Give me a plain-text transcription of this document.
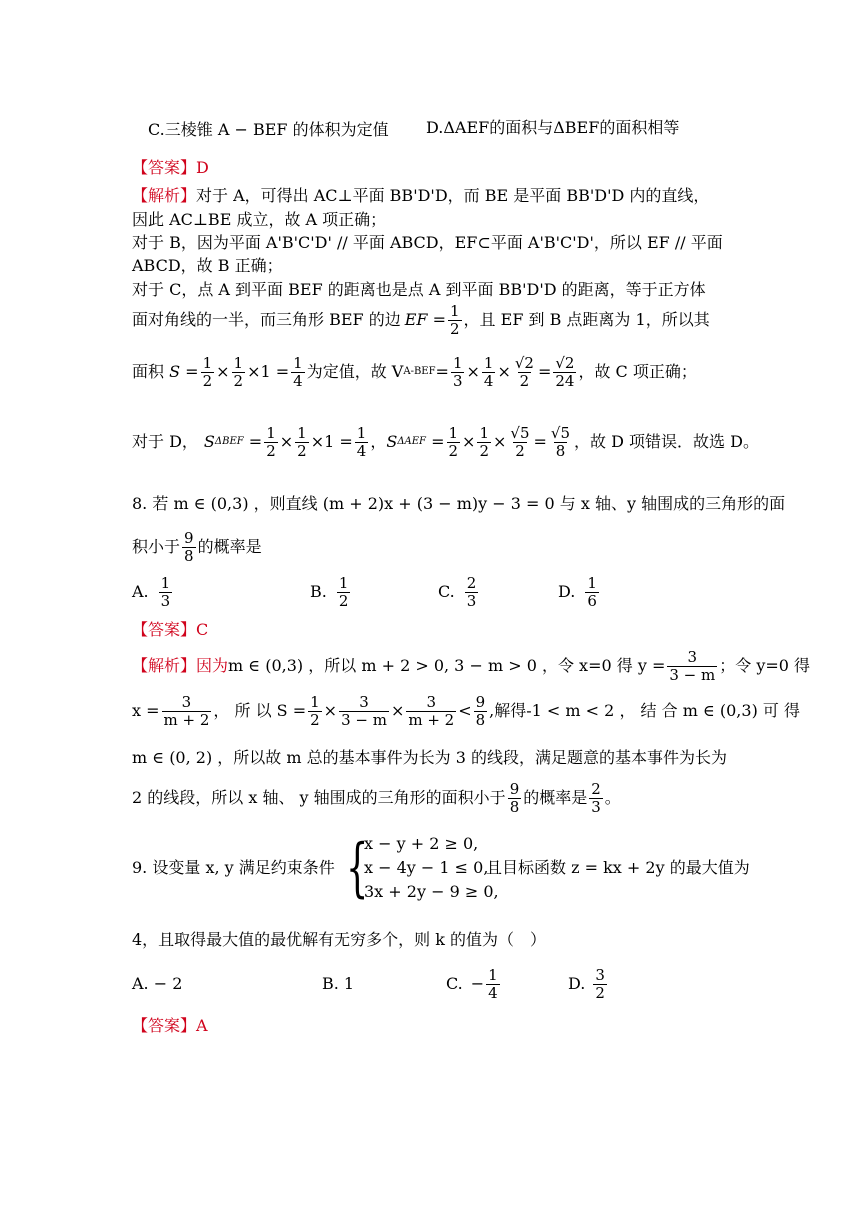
C.三棱锥 A − BEF 的体积为定值 D.ΔAEF的面积与ΔBEF的面积相等
【答案】D
【解析】对于 A，可得出 AC⊥平面 BB'D'D，而 BE 是平面 BB'D'D 内的直线，
因此 AC⊥BE 成立，故 A 项正确；
对于 B，因为平面 A'B'C'D' // 平面 ABCD，EF⊂平面 A'B'C'D'，所以 EF // 平面
ABCD，故 B 正确；
对于 C，点 A 到平面 BEF 的距离也是点 A 到平面 BB'D'D 的距离，等于正方体
面对角线的一半，而三角形 BEF 的边 EF = $\frac{1}{2}$ ，且 EF 到 B 点距离为 1，所以其
面积 $S = \frac{1}{2} \times \frac{1}{2} \times 1 = \frac{1}{4}$ 为定值，故 V $A-BEF = \frac{1}{3} \times \frac{1}{4} \times \frac{√2}{2} = \frac{√2}{24}$ ，故 C 项正确；
对于 D， S $\Delta BEF = \frac{1}{2} \times \frac{1}{2} \times 1 = \frac{1}{4}$ ， S $\Delta AEF = \frac{1}{2} \times \frac{1}{2} \times \frac{√5}{2} = \frac{√5}{8}$ ，故 D 项错误．故选 D。
8. 若 m ∈ (0,3) ，则直线 (m + 2)x + (3 − m)y − 3 = 0 与 x 轴、y 轴围成的三角形的面
积小于 $\frac{9}{8}$ 的概率是
A. $\frac{1}{3}$	B. $\frac{1}{2}$	C. $\frac{2}{3}$	D. $\frac{1}{6}$
【答案】C
【解析】 因为 m ∈ (0,3) ，所以 m + 2 > 0, 3 − m > 0 ，令 x=0 得 $y = \frac{3}{3 - m}$ ；令 y=0 得
$x = \frac{3}{m + 2}$ ， 所 以 $S = \frac{1}{2} \times \frac{3}{3 - m} \times \frac{3}{m + 2} < \frac{9}{8}$ ,解得-1 < m < 2 ， 结 合 m ∈ (0,3) 可 得
m ∈ (0, 2) ，所以故 m 总的基本事件为长为 3 的线段，满足题意的基本事件为长为
2 的线段，所以 x 轴、 y 轴围成的三角形的面积小于 $\frac{9}{8}$ 的概率是 $\frac{2}{3}$ 。
9. 设变量 x, y 满足约束条件 {
x − y + 2 ≥ 0,
x − 4y − 1 ≤ 0,
3x + 2y − 9 ≥ 0,
且目标函数 z = kx + 2y 的最大值为
4，且取得最大值的最优解有无穷多个，则 k 的值为（　）
A. − 2	B. 1	C. − $\frac{1}{4}$	D. $\frac{3}{2}$
【答案】A
